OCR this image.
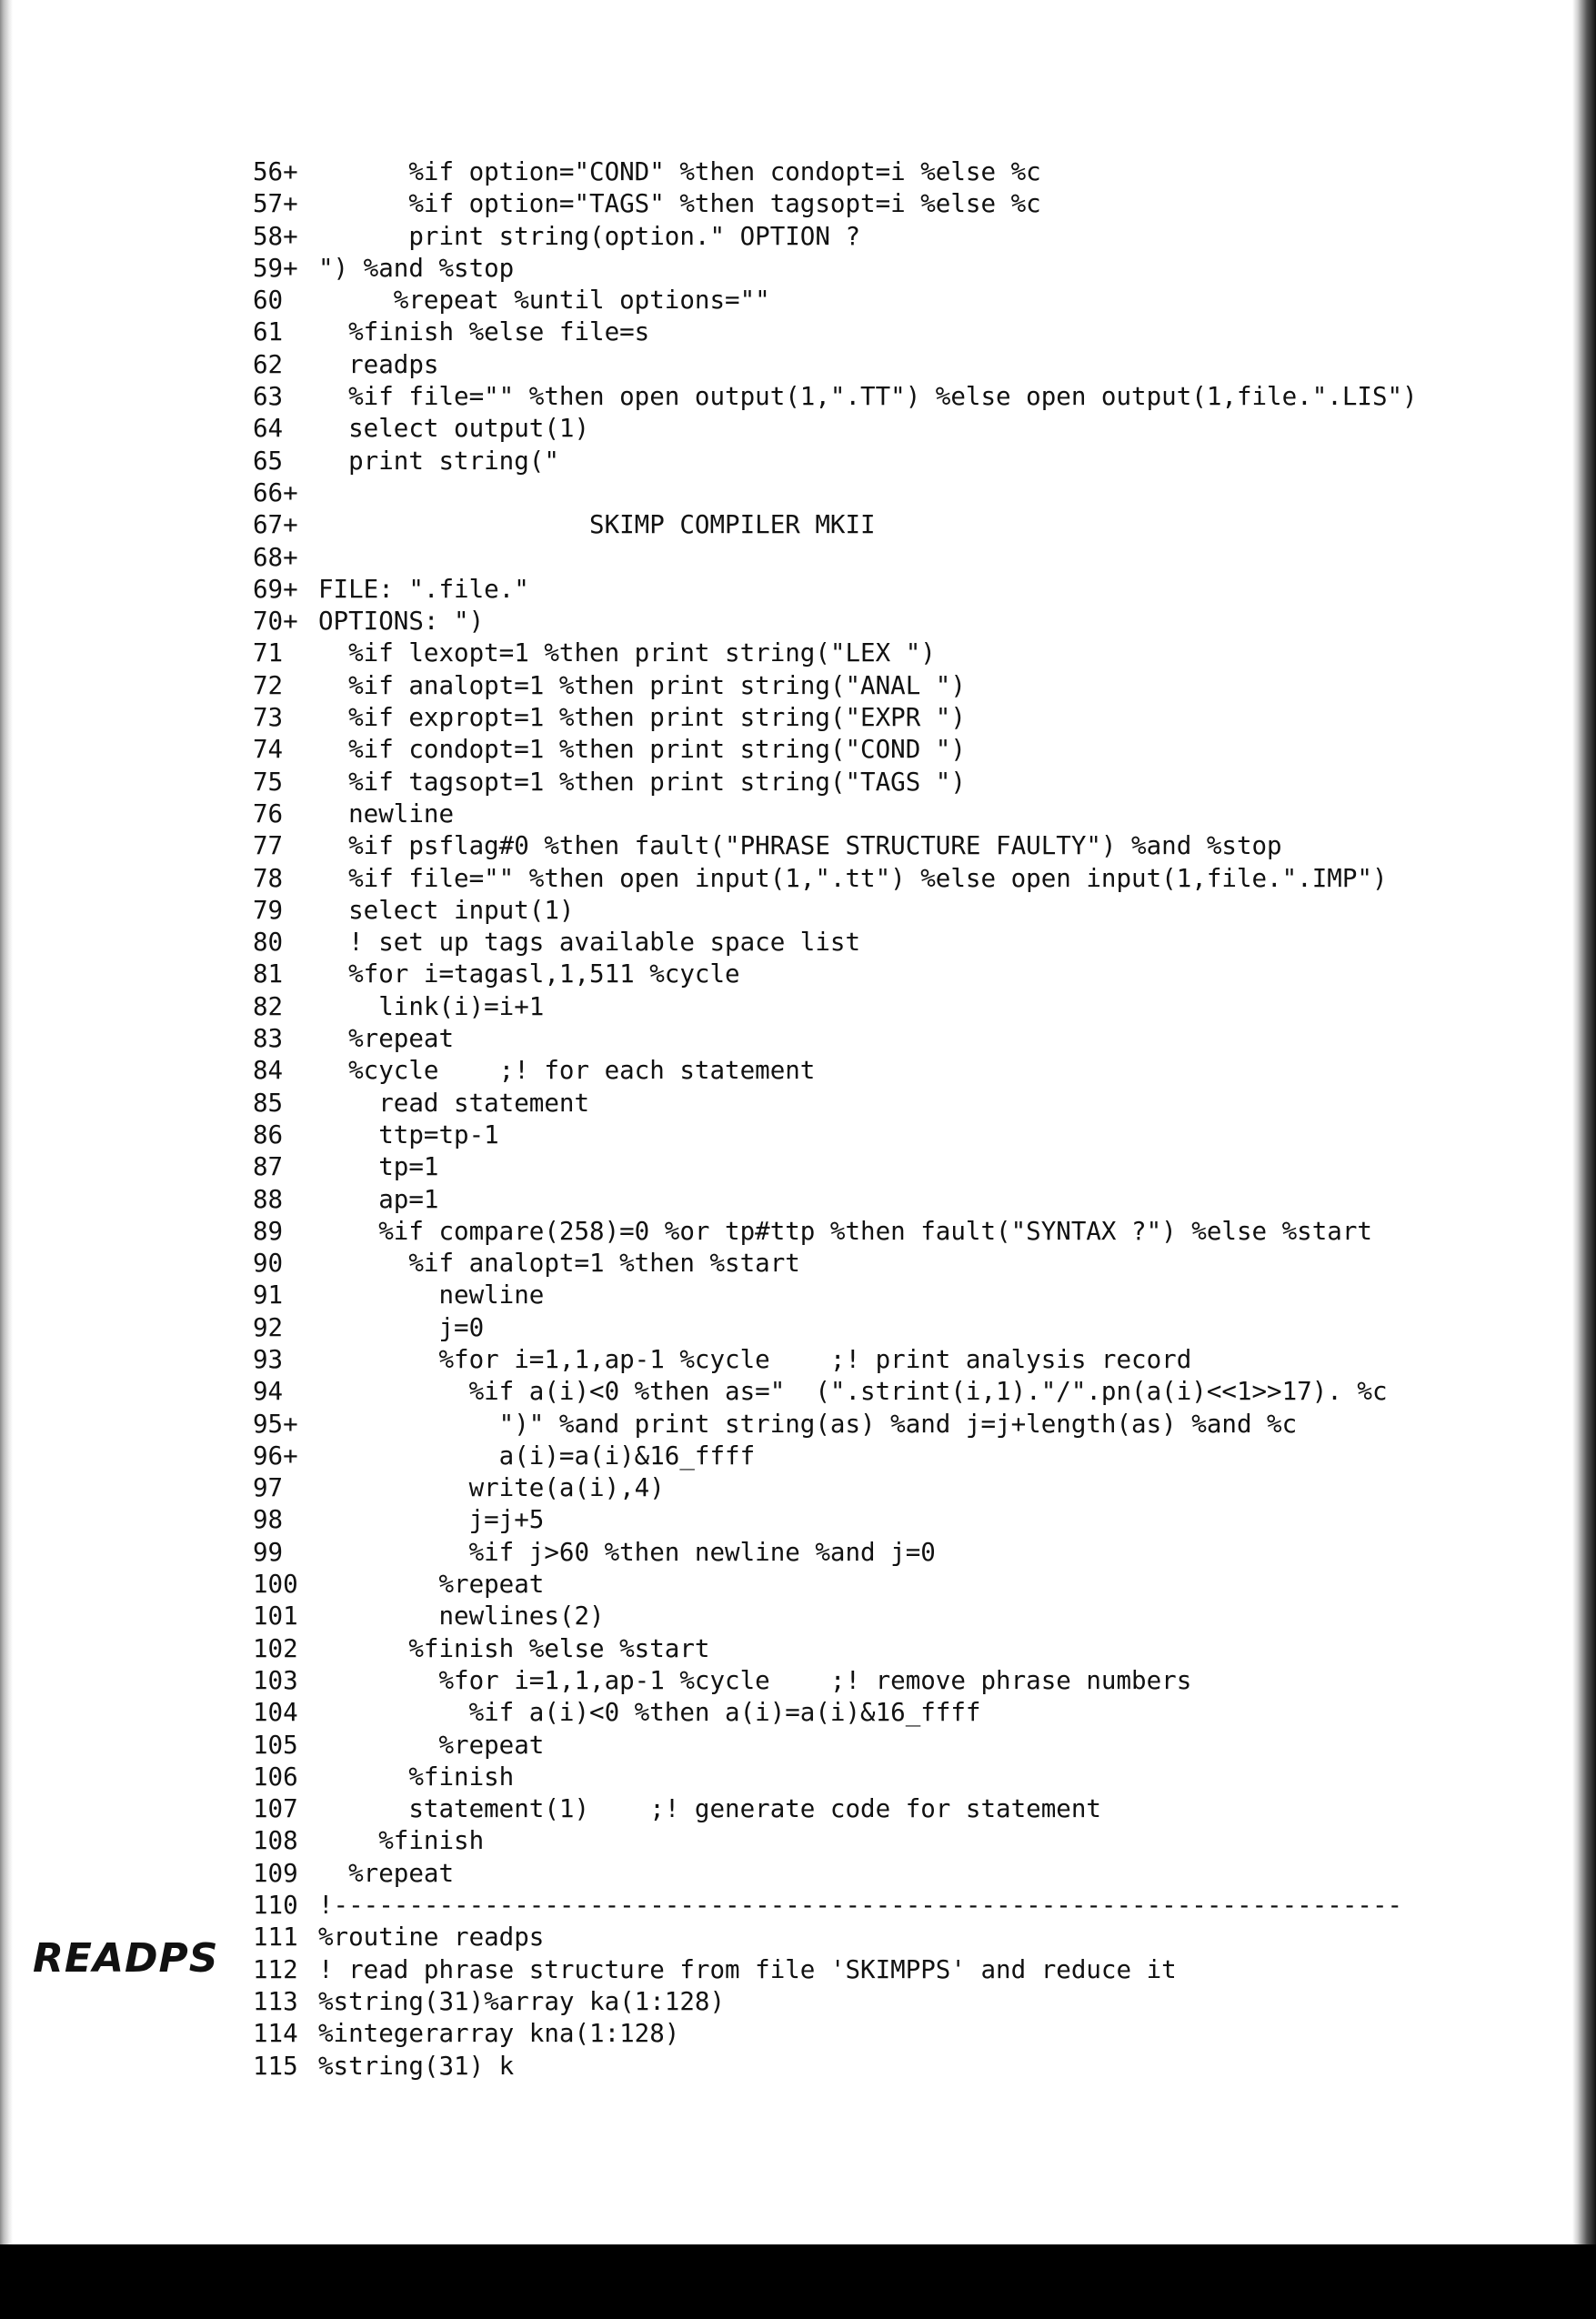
READPS
56+ %if option="COND" %then condopt=i %else %c
57+ %if option="TAGS" %then tagsopt=i %else %c
58+ print string(option." OPTION ?
59+ ") %and %stop
60	%repeat %until options=""
61	%finish %else file=s
62	readps
63	%if file="" %then open output(1,".TT") %else open output(1,file.".LIS")
64	select output(1)
65	print string("
66+
67+ SKIMP COMPILER MKII
68+
69+ FILE: ".file."
70+ OPTIONS: ")
71	%if lexopt=1 %then print string("LEX ")
72	%if analopt=1 %then print string("ANAL ")
73	%if expropt=1 %then print string("EXPR ")
74	%if condopt=1 %then print string("COND ")
75	%if tagsopt=1 %then print string("TAGS ")
76	newline
77	%if psflag#0 %then fault("PHRASE STRUCTURE FAULTY") %and %stop
78	%if file="" %then open input(1,".tt") %else open input(1,file.".IMP")
79	select input(1)
80	! set up tags available space list
81	%for i=tagasl,1,511 %cycle
82	link(i)=i+1
83	%repeat
84	%cycle    ;! for each statement
85	read statement
86	ttp=tp-1
87	tp=1
88	ap=1
89	%if compare(258)=0 %or tp#ttp %then fault("SYNTAX ?") %else %start
90	%if analopt=1 %then %start
91	newline
92	j=0
93	%for i=1,1,ap-1 %cycle    ;! print analysis record
94	%if a(i)<0 %then as="  (".strint(i,1)."/".pn(a(i)<<1>>17). %c
95+ ")" %and print string(as) %and j=j+length(as) %and %c
96+ a(i)=a(i)&16_ffff
97	write(a(i),4)
98	j=j+5
99	%if j>60 %then newline %and j=0
100 %repeat
101 newlines(2)
102 %finish %else %start
103 %for i=1,1,ap-1 %cycle    ;! remove phrase numbers
104 %if a(i)<0 %then a(i)=a(i)&16_ffff
105 %repeat
106 %finish
107 statement(1)    ;! generate code for statement
108 %finish
109 %repeat
110 !-----------------------------------------------------------------------
111 %routine readps
112 ! read phrase structure from file 'SKIMPPS' and reduce it
113 %string(31)%array ka(1:128)
114 %integerarray kna(1:128)
115 %string(31) k
